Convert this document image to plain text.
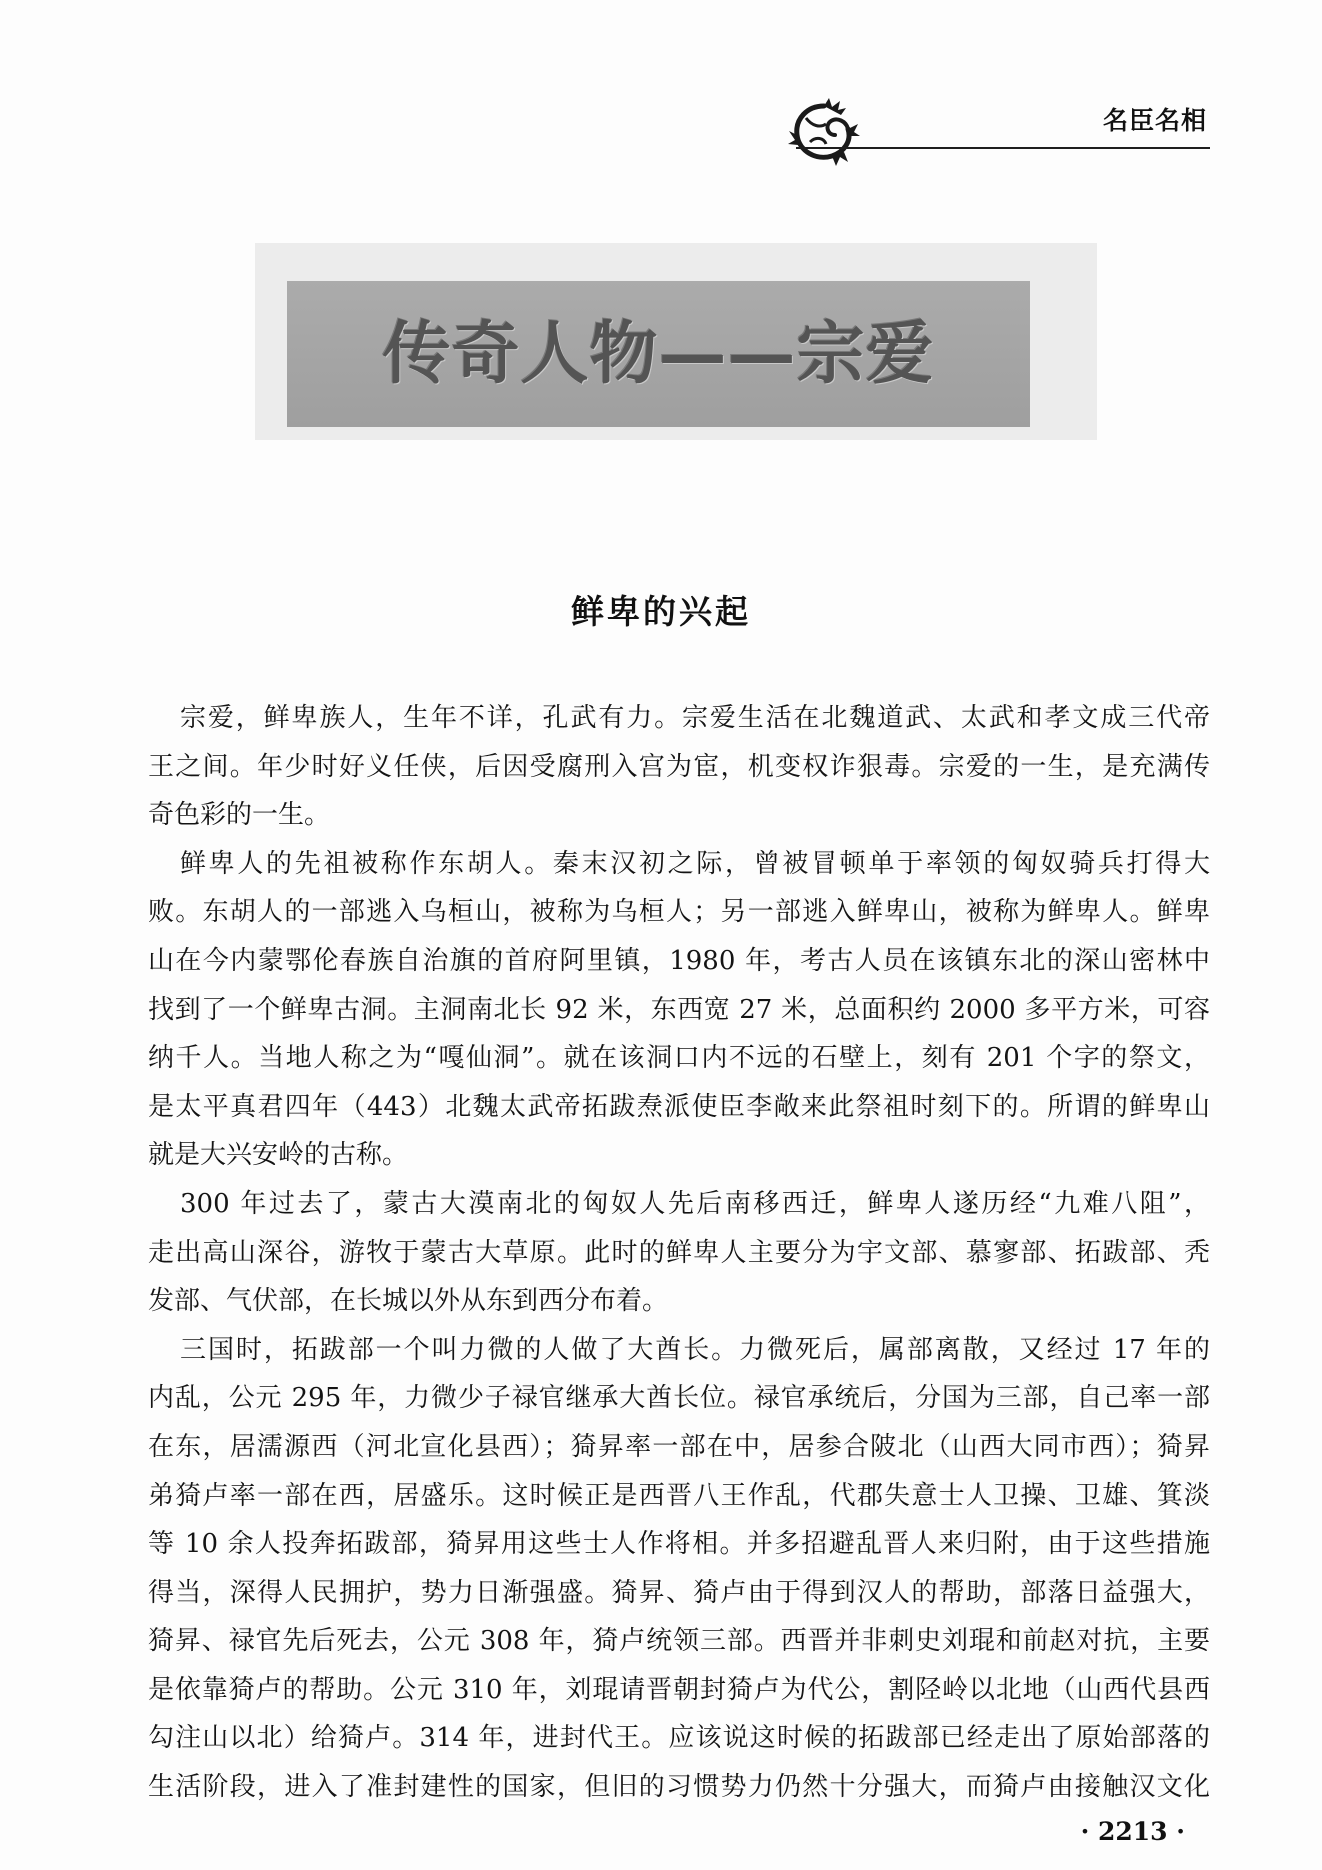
名臣名相
传奇人物——宗爱
鲜卑的兴起
宗爱，鲜卑族人，生年不详，孔武有力。宗爱生活在北魏道武、太武和孝文成三代帝
王之间。年少时好义任侠，后因受腐刑入宫为宦，机变权诈狠毒。宗爱的一生，是充满传
奇色彩的一生。
鲜卑人的先祖被称作东胡人。秦末汉初之际，曾被冒顿单于率领的匈奴骑兵打得大
败。东胡人的一部逃入乌桓山，被称为乌桓人；另一部逃入鲜卑山，被称为鲜卑人。鲜卑
山在今内蒙鄂伦春族自治旗的首府阿里镇，1980 年，考古人员在该镇东北的深山密林中
找到了一个鲜卑古洞。主洞南北长 92 米，东西宽 27 米，总面积约 2000 多平方米，可容
纳千人。当地人称之为“嘎仙洞”。就在该洞口内不远的石壁上，刻有 201 个字的祭文，
是太平真君四年（443）北魏太武帝拓跋焘派使臣李敞来此祭祖时刻下的。所谓的鲜卑山
就是大兴安岭的古称。
300 年过去了，蒙古大漠南北的匈奴人先后南移西迁，鲜卑人遂历经“九难八阻”，
走出高山深谷，游牧于蒙古大草原。此时的鲜卑人主要分为宇文部、慕寥部、拓跋部、秃
发部、气伏部，在长城以外从东到西分布着。
三国时，拓跋部一个叫力微的人做了大酋长。力微死后，属部离散，又经过 17 年的
内乱，公元 295 年，力微少子禄官继承大酋长位。禄官承统后，分国为三部，自己率一部
在东，居濡源西（河北宣化县西）；猗昇率一部在中，居参合陂北（山西大同市西）；猗昇
弟猗卢率一部在西，居盛乐。这时候正是西晋八王作乱，代郡失意士人卫操、卫雄、箕淡
等 10 余人投奔拓跋部，猗昇用这些士人作将相。并多招避乱晋人来归附，由于这些措施
得当，深得人民拥护，势力日渐强盛。猗昇、猗卢由于得到汉人的帮助，部落日益强大，
猗昇、禄官先后死去，公元 308 年，猗卢统领三部。西晋并非刺史刘琨和前赵对抗，主要
是依靠猗卢的帮助。公元 310 年，刘琨请晋朝封猗卢为代公，割陉岭以北地（山西代县西
勾注山以北）给猗卢。314 年，进封代王。应该说这时候的拓跋部已经走出了原始部落的
生活阶段，进入了准封建性的国家，但旧的习惯势力仍然十分强大，而猗卢由接触汉文化
· 2213 ·
